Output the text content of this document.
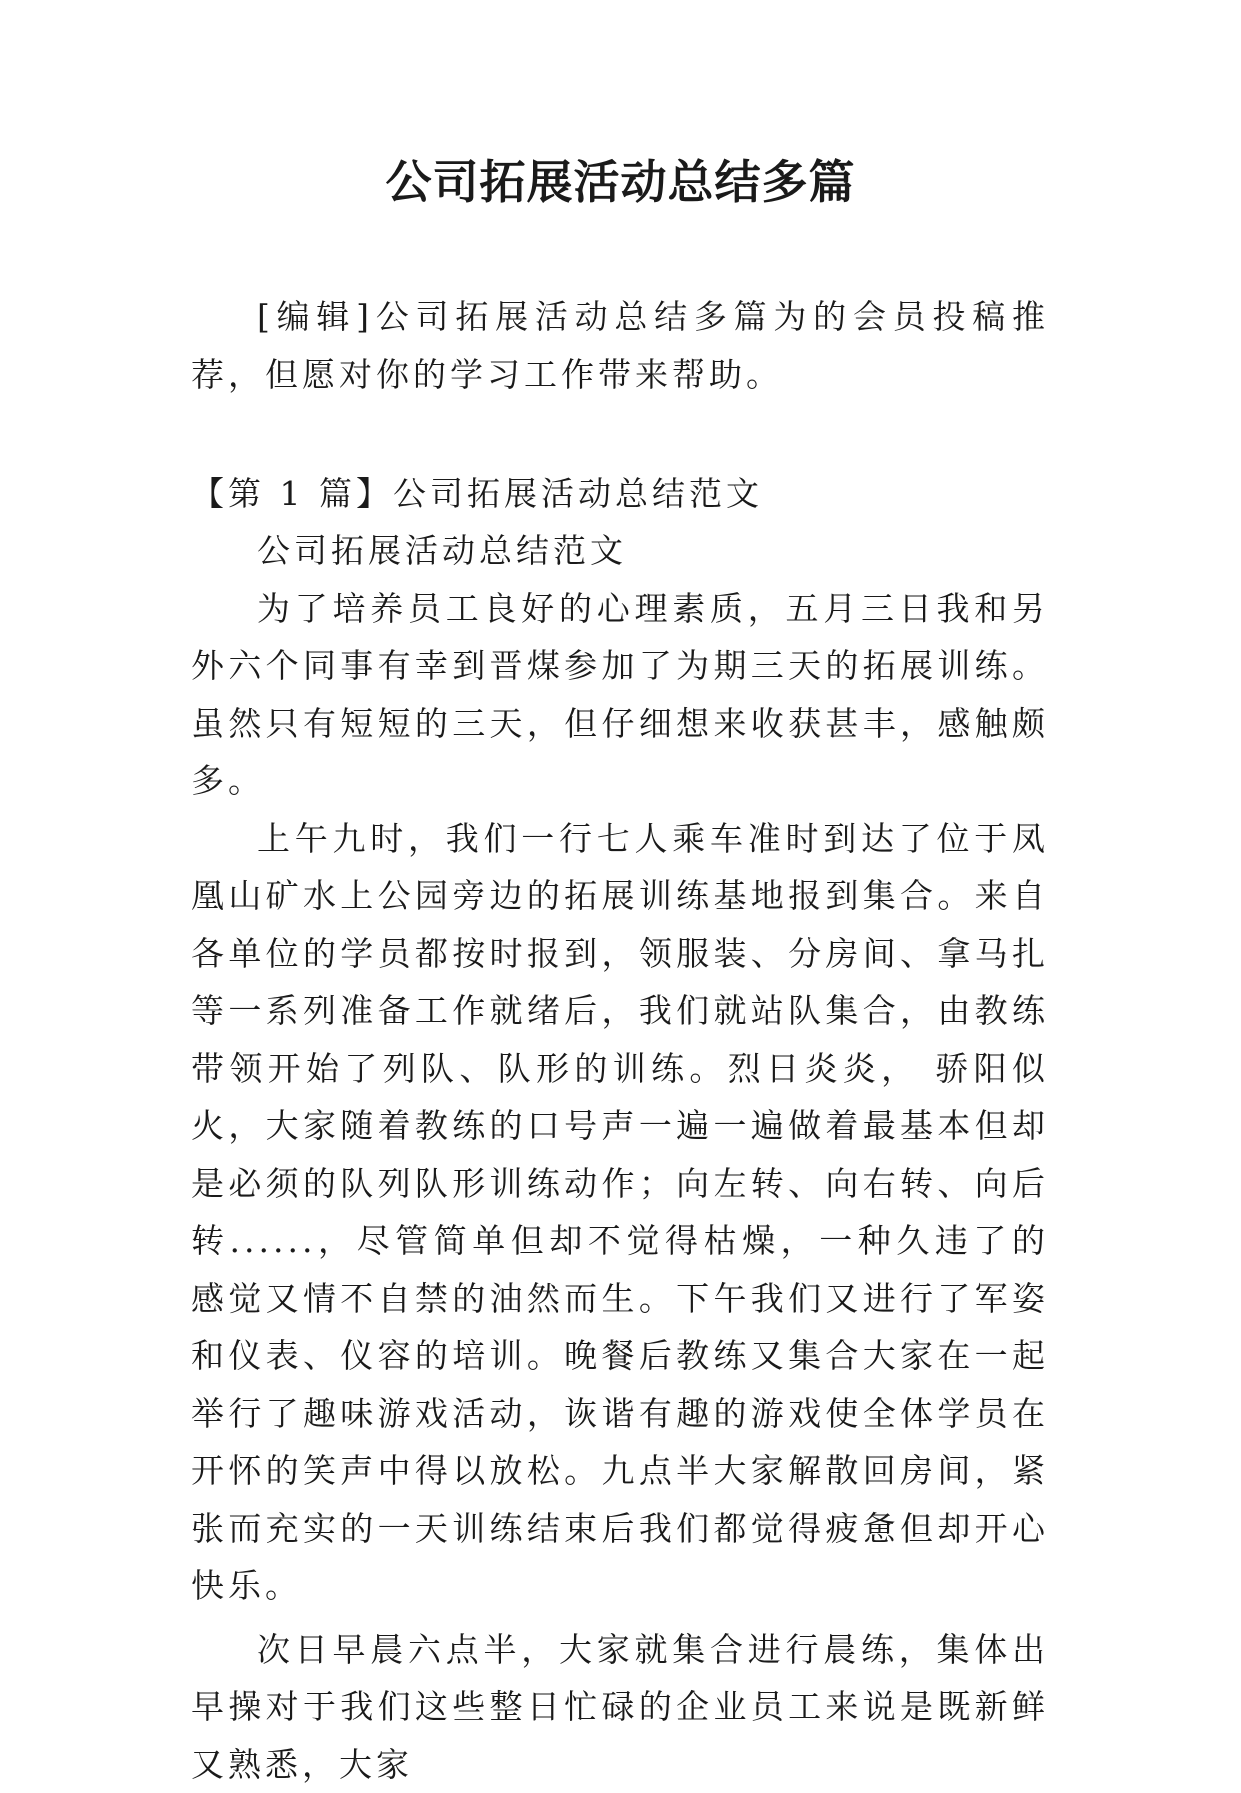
公司拓展活动总结多篇

[编辑]公司拓展活动总结多篇为的会员投稿推荐，但愿对你的学习工作带来帮助。

【第 1 篇】公司拓展活动总结范文

公司拓展活动总结范文

为了培养员工良好的心理素质，五月三日我和另外六个同事有幸到晋煤参加了为期三天的拓展训练。虽然只有短短的三天，但仔细想来收获甚丰，感触颇多。

上午九时，我们一行七人乘车准时到达了位于凤凰山矿水上公园旁边的拓展训练基地报到集合。来自各单位的学员都按时报到，领服装、分房间、拿马扎等一系列准备工作就绪后，我们就站队集合，由教练带领开始了列队、队形的训练。烈日炎炎， 骄阳似火，大家随着教练的口号声一遍一遍做着最基本但却是必须的队列队形训练动作；向左转、向右转、向后转......，尽管简单但却不觉得枯燥，一种久违了的感觉又情不自禁的油然而生。下午我们又进行了军姿和仪表、仪容的培训。晚餐后教练又集合大家在一起举行了趣味游戏活动，诙谐有趣的游戏使全体学员在开怀的笑声中得以放松。九点半大家解散回房间，紧张而充实的一天训练结束后我们都觉得疲惫但却开心快乐。

次日早晨六点半，大家就集合进行晨练，集体出早操对于我们这些整日忙碌的企业员工来说是既新鲜又熟悉，大家
